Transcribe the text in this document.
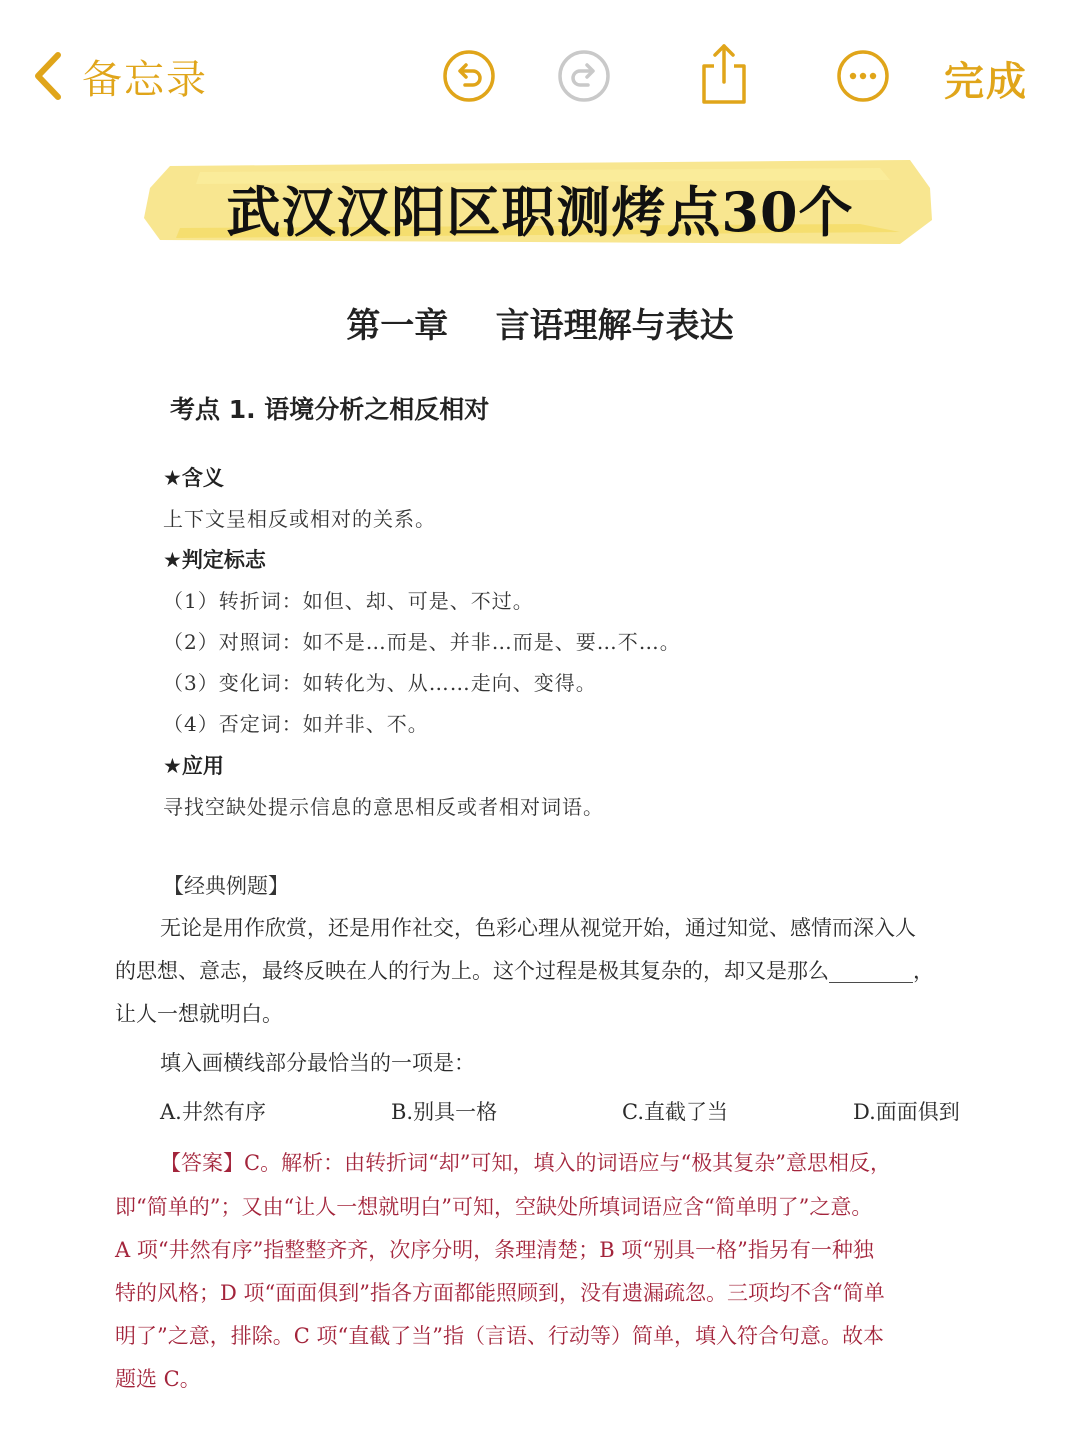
备忘录	完成
武汉汉阳区职测烤点30个
第一章    言语理解与表达
考点 1. 语境分析之相反相对
★含义
上下文呈相反或相对的关系。
★判定标志
（1）转折词：如但、却、可是、不过。
（2）对照词：如不是…而是、并非…而是、要…不…。
（3）变化词：如转化为、从……走向、变得。
（4）否定词：如并非、不。
★应用
寻找空缺处提示信息的意思相反或者相对词语。
【经典例题】
无论是用作欣赏，还是用作社交，色彩心理从视觉开始，通过知觉、感情而深入人
的思想、意志，最终反映在人的行为上。这个过程是极其复杂的，却又是那么________，
让人一想就明白。
填入画横线部分最恰当的一项是：
A.井然有序	B.别具一格	C.直截了当	D.面面俱到
【答案】C。解析：由转折词“却”可知，填入的词语应与“极其复杂”意思相反，
即“简单的”；又由“让人一想就明白”可知，空缺处所填词语应含“简单明了”之意。
A 项“井然有序”指整整齐齐，次序分明，条理清楚；B 项“别具一格”指另有一种独
特的风格；D 项“面面俱到”指各方面都能照顾到，没有遗漏疏忽。三项均不含“简单
明了”之意，排除。C 项“直截了当”指（言语、行动等）简单，填入符合句意。故本
题选 C。
